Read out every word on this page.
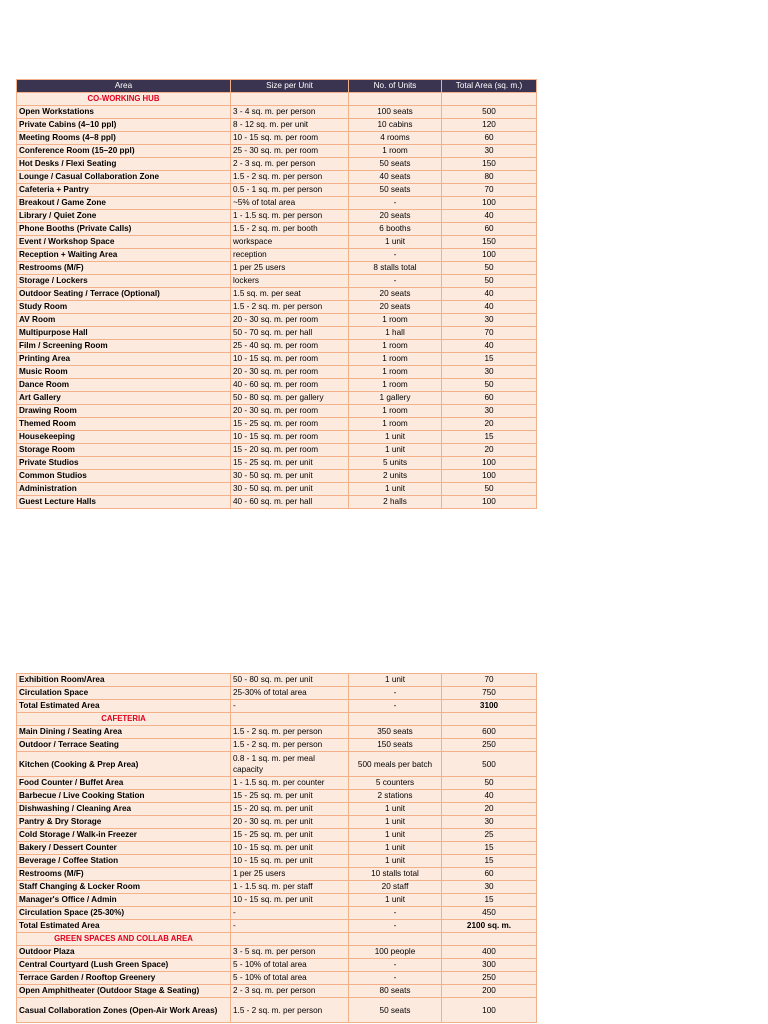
Area	Size per Unit	No. of Units	Total Area (sq. m.)
CO-WORKING HUB			
Open Workstations	3 - 4 sq. m. per person	100 seats	500
Private Cabins (4–10 ppl)	8 - 12 sq. m. per unit	10 cabins	120
Meeting Rooms (4–8 ppl)	10 - 15 sq. m. per room	4 rooms	60
Conference Room (15–20 ppl)	25 - 30 sq. m. per room	1 room	30
Hot Desks / Flexi Seating	2 - 3 sq. m. per person	50 seats	150
Lounge / Casual Collaboration Zone	1.5 - 2 sq. m. per person	40 seats	80
Cafeteria + Pantry	0.5 - 1 sq. m. per person	50 seats	70
Breakout / Game Zone	~5% of total area	-	100
Library / Quiet Zone	1 - 1.5 sq. m. per person	20 seats	40
Phone Booths (Private Calls)	1.5 - 2 sq. m. per booth	6 booths	60
Event / Workshop Space	workspace	1 unit	150
Reception + Waiting Area	reception	-	100
Restrooms (M/F)	1 per 25 users	8 stalls total	50
Storage / Lockers	lockers	-	50
Outdoor Seating / Terrace (Optional)	1.5 sq. m. per seat	20 seats	40
Study Room	1.5 - 2 sq. m. per person	20 seats	40
AV Room	20 - 30 sq. m. per room	1 room	30
Multipurpose Hall	50 - 70 sq. m. per hall	1 hall	70
Film / Screening Room	25 - 40 sq. m. per room	1 room	40
Printing Area	10 - 15 sq. m. per room	1 room	15
Music Room	20 - 30 sq. m. per room	1 room	30
Dance Room	40 - 60 sq. m. per room	1 room	50
Art Gallery	50 - 80 sq. m. per gallery	1 gallery	60
Drawing Room	20 - 30 sq. m. per room	1 room	30
Themed Room	15 - 25 sq. m. per room	1 room	20
Housekeeping	10 - 15 sq. m. per room	1 unit	15
Storage Room	15 - 20 sq. m. per room	1 unit	20
Private Studios	15 - 25 sq. m. per unit	5 units	100
Common Studios	30 - 50 sq. m. per unit	2 units	100
Administration	30 - 50 sq. m. per unit	1 unit	50
Guest Lecture Halls	40 - 60 sq. m. per hall	2 halls	100
Exhibition Room/Area	50 - 80 sq. m. per unit	1 unit	70
Circulation Space	25-30% of total area	-	750
Total Estimated Area	-	-	3100
CAFETERIA			
Main Dining / Seating Area	1.5 - 2 sq. m. per person	350 seats	600
Outdoor / Terrace Seating	1.5 - 2 sq. m. per person	150 seats	250
Kitchen (Cooking & Prep Area)	0.8 - 1 sq. m. per meal capacity	500 meals per batch	500
Food Counter / Buffet Area	1 - 1.5 sq. m. per counter	5 counters	50
Barbecue / Live Cooking Station	15 - 25 sq. m. per unit	2 stations	40
Dishwashing / Cleaning Area	15 - 20 sq. m. per unit	1 unit	20
Pantry & Dry Storage	20 - 30 sq. m. per unit	1 unit	30
Cold Storage / Walk-in Freezer	15 - 25 sq. m. per unit	1 unit	25
Bakery / Dessert Counter	10 - 15 sq. m. per unit	1 unit	15
Beverage / Coffee Station	10 - 15 sq. m. per unit	1 unit	15
Restrooms (M/F)	1 per 25 users	10 stalls total	60
Staff Changing & Locker Room	1 - 1.5 sq. m. per staff	20 staff	30
Manager's Office / Admin	10 - 15 sq. m. per unit	1 unit	15
Circulation Space (25-30%)	-	-	450
Total Estimated Area	-	-	2100 sq. m.
GREEN SPACES AND COLLAB AREA			
Outdoor Plaza	3 - 5 sq. m. per person	100 people	400
Central Courtyard (Lush Green Space)	5 - 10% of total area	-	300
Terrace Garden / Rooftop Greenery	5 - 10% of total area	-	250
Open Amphitheater (Outdoor Stage & Seating)	2 - 3 sq. m. per person	80 seats	200
Casual Collaboration Zones (Open-Air Work Areas)	1.5 - 2 sq. m. per person	50 seats	100
